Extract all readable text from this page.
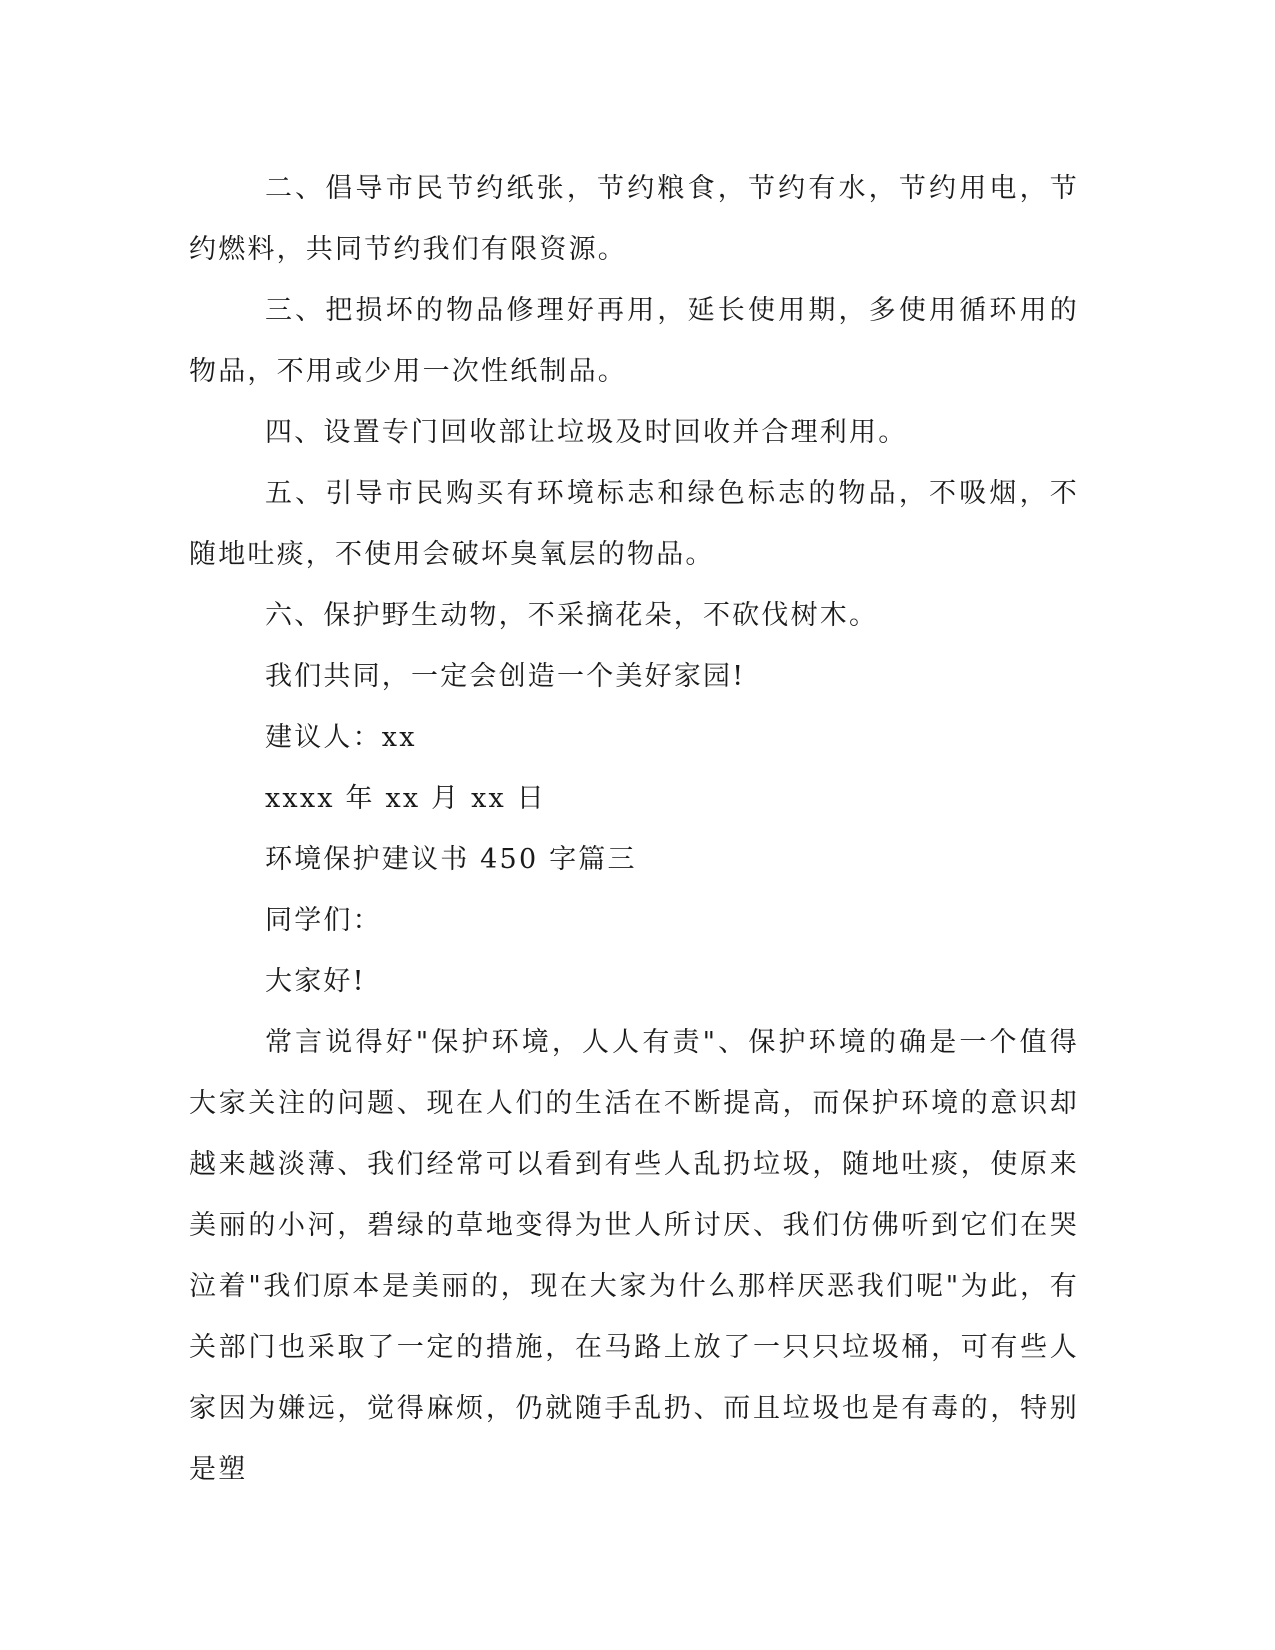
二、倡导市民节约纸张，节约粮食，节约有水，节约用电，节约燃料，共同节约我们有限资源。

三、把损坏的物品修理好再用，延长使用期，多使用循环用的物品，不用或少用一次性纸制品。

四、设置专门回收部让垃圾及时回收并合理利用。

五、引导市民购买有环境标志和绿色标志的物品，不吸烟，不随地吐痰，不使用会破坏臭氧层的物品。

六、保护野生动物，不采摘花朵，不砍伐树木。

我们共同，一定会创造一个美好家园!

建议人：xx

xxxx 年 xx 月 xx 日

环境保护建议书 450 字篇三

同学们：

大家好!

常言说得好"保护环境，人人有责"、保护环境的确是一个值得大家关注的问题、现在人们的生活在不断提高，而保护环境的意识却越来越淡薄、我们经常可以看到有些人乱扔垃圾，随地吐痰，使原来美丽的小河，碧绿的草地变得为世人所讨厌、我们仿佛听到它们在哭泣着"我们原本是美丽的，现在大家为什么那样厌恶我们呢"为此，有关部门也采取了一定的措施，在马路上放了一只只垃圾桶，可有些人家因为嫌远，觉得麻烦，仍就随手乱扔、而且垃圾也是有毒的，特别是塑
